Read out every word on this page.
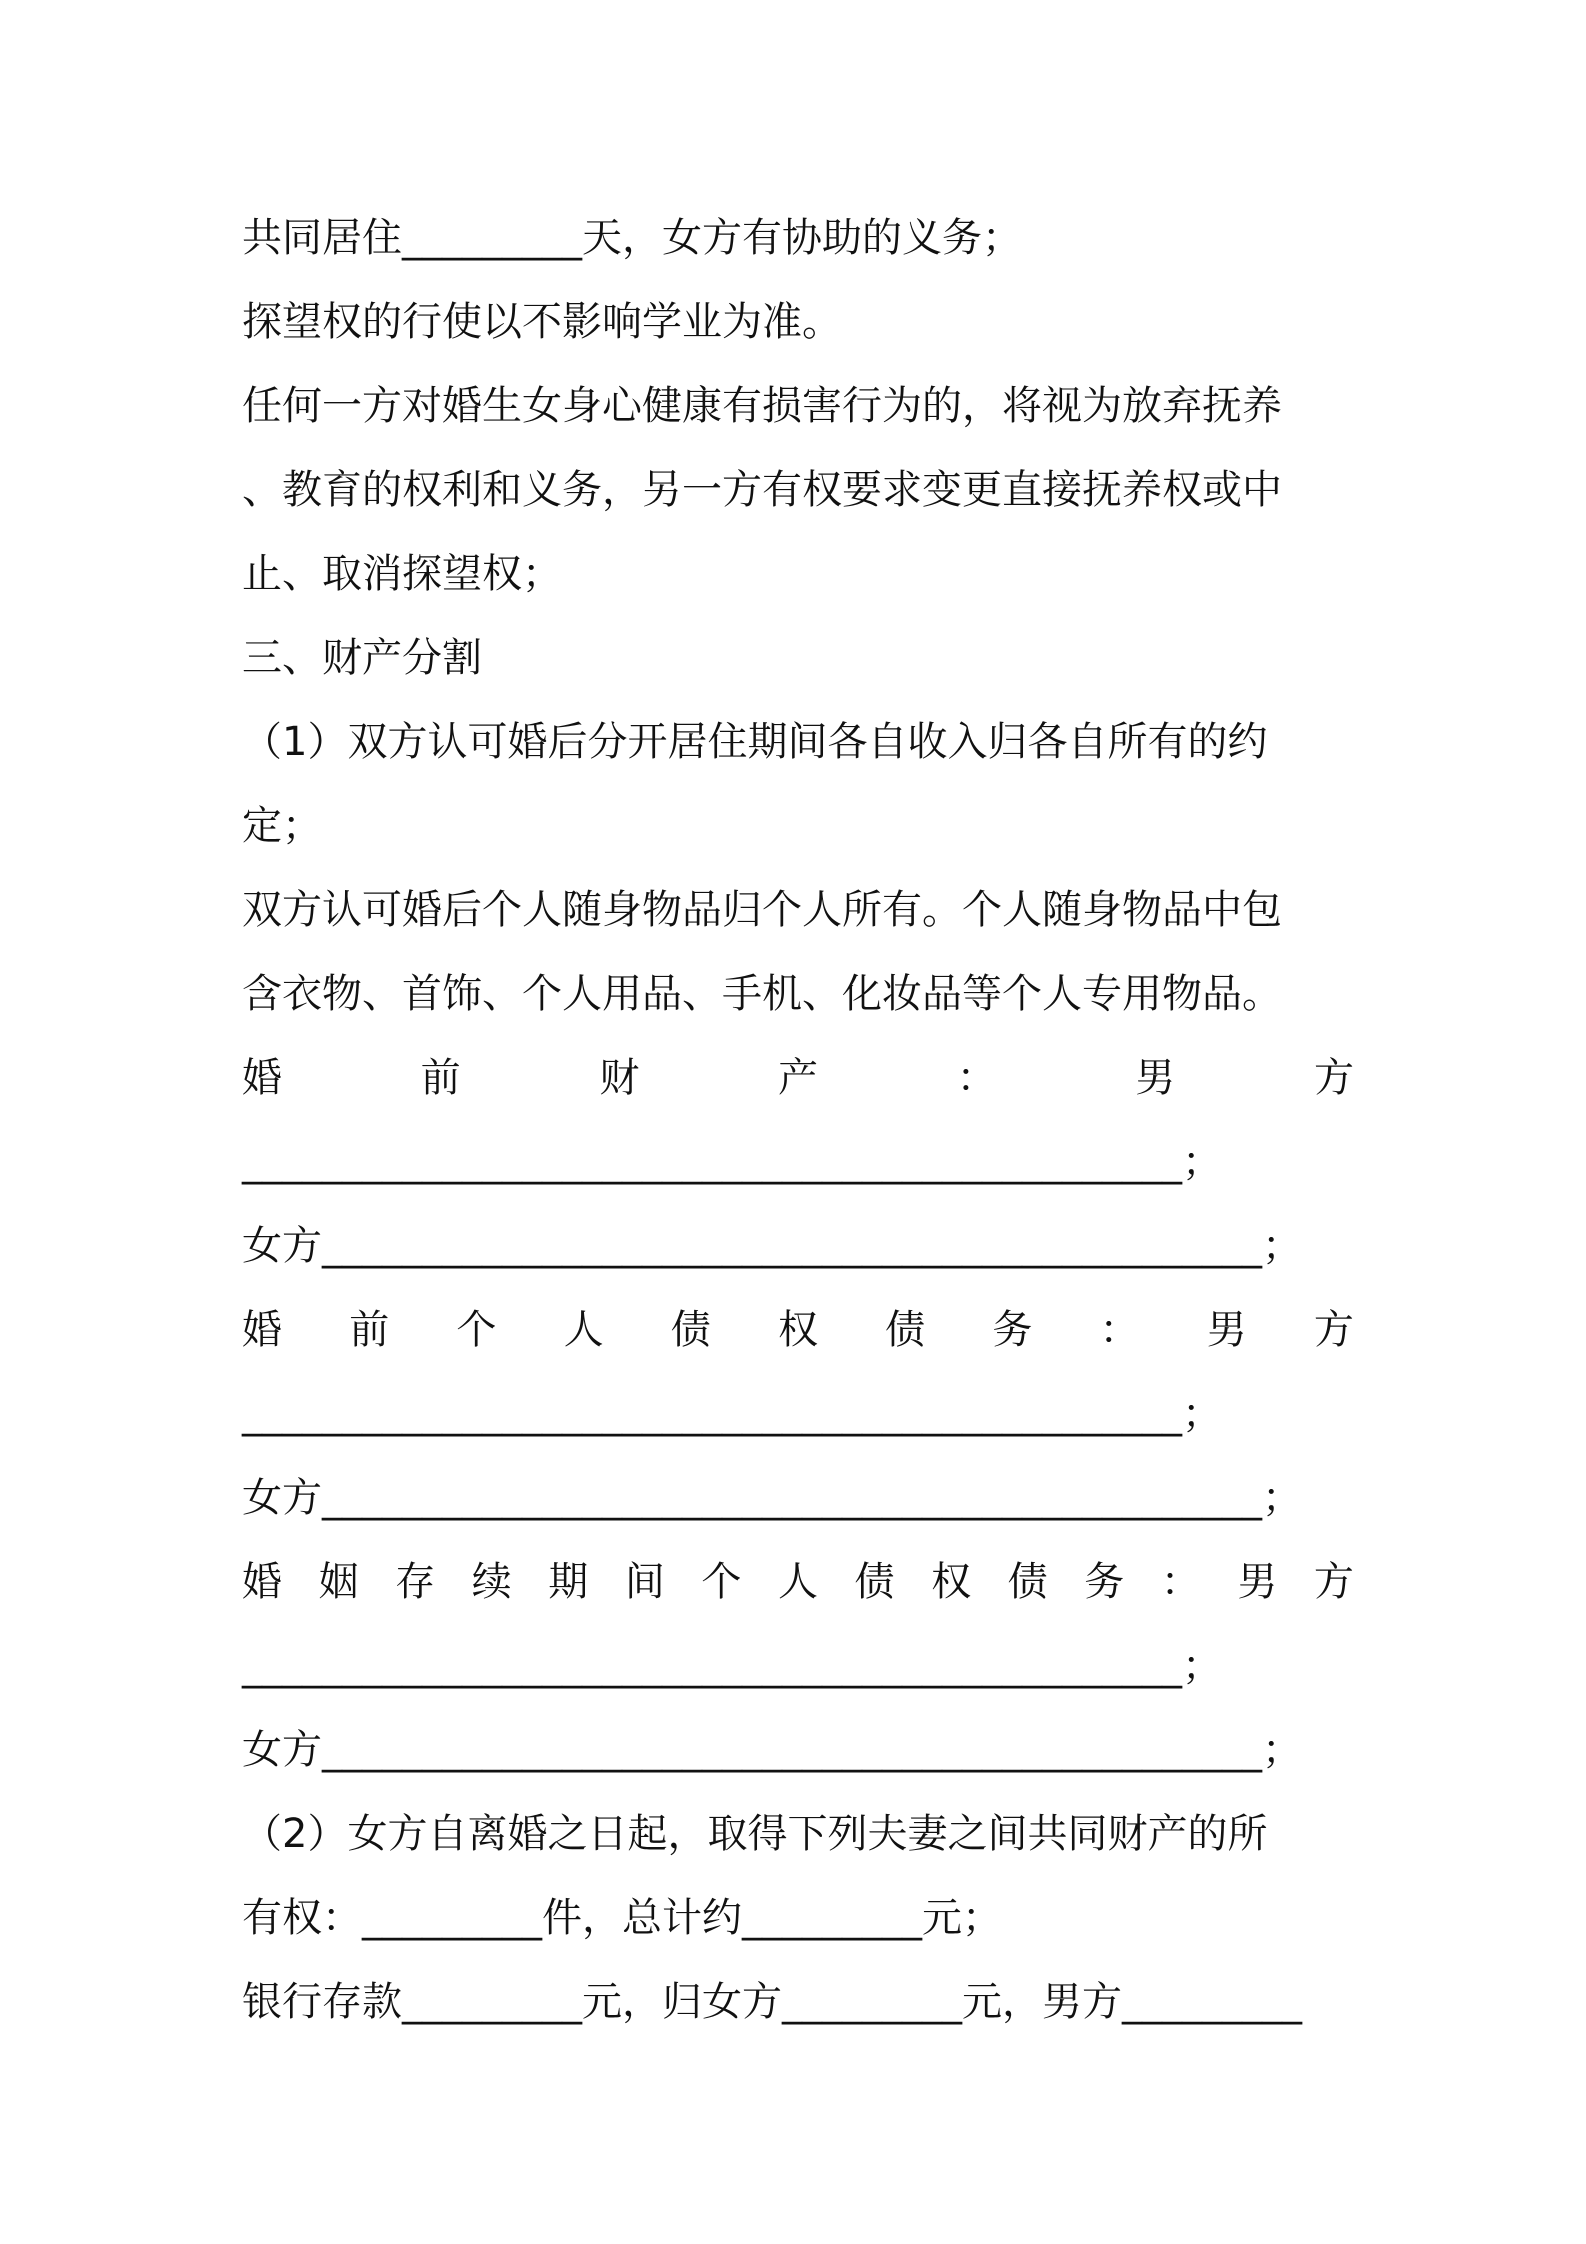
共同居住_________天，女方有协助的义务；
探望权的行使以不影响学业为准。
任何一方对婚生女身心健康有损害行为的，将视为放弃抚养
、教育的权利和义务，另一方有权要求变更直接抚养权或中
止、取消探望权；
三、财产分割
（1）双方认可婚后分开居住期间各自收入归各自所有的约
定；
双方认可婚后个人随身物品归个人所有。个人随身物品中包
含衣物、首饰、个人用品、手机、化妆品等个人专用物品。
婚	前	财	产	：	男	方
_______________________________________________；
女方_______________________________________________；
婚 前 个 人 债 权 债 务 ： 男 方
_______________________________________________；
女方_______________________________________________；
婚 姻 存 续 期 间 个 人 债 权 债 务 ： 男 方
_______________________________________________；
女方_______________________________________________；
（2）女方自离婚之日起，取得下列夫妻之间共同财产的所
有权：_________件，总计约_________元；
银行存款_________元，归女方_________元，男方_________
